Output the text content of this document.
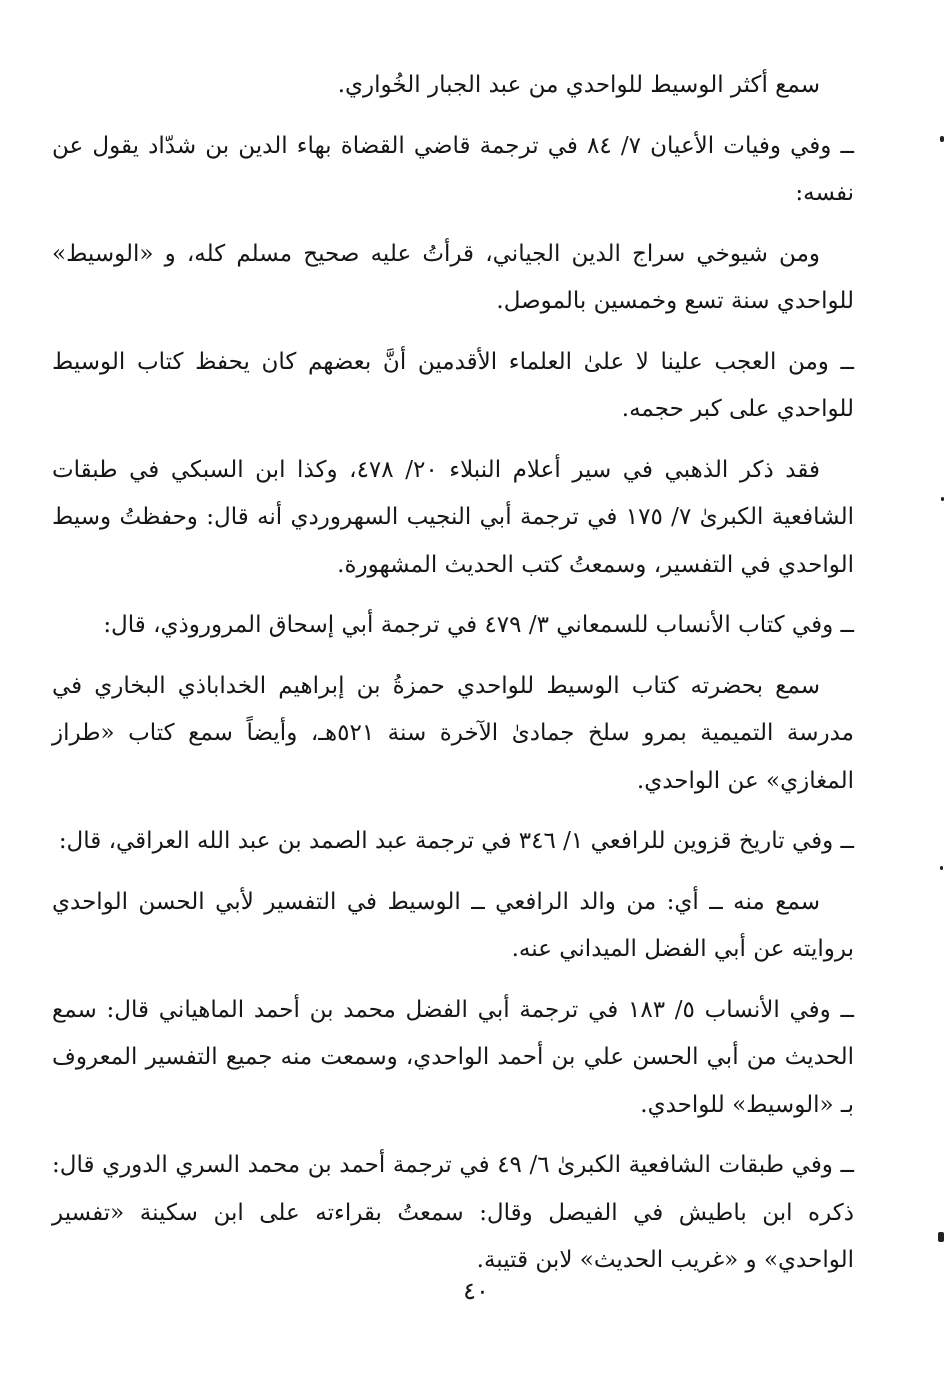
سمع أكثر الوسيط للواحدي من عبد الجبار الخُواري.

ــ وفي وفيات الأعيان ٧/ ٨٤ في ترجمة قاضي القضاة بهاء الدين بن شدّاد يقول عن نفسه:

ومن شيوخي سراج الدين الجياني، قرأتُ عليه صحيح مسلم كله، و «الوسيط» للواحدي سنة تسع وخمسين بالموصل.

ــ ومن العجب علينا لا علىٰ العلماء الأقدمين أنَّ بعضهم كان يحفظ كتاب الوسيط للواحدي على كبر حجمه.

فقد ذكر الذهبي في سير أعلام النبلاء ٢٠/ ٤٧٨، وكذا ابن السبكي في طبقات الشافعية الكبرىٰ ٧/ ١٧٥ في ترجمة أبي النجيب السهروردي أنه قال: وحفظتُ وسيط الواحدي في التفسير، وسمعتُ كتب الحديث المشهورة.

ــ وفي كتاب الأنساب للسمعاني ٣/ ٤٧٩ في ترجمة أبي إسحاق المروروذي، قال:

سمع بحضرته كتاب الوسيط للواحدي حمزةُ بن إبراهيم الخداباذي البخاري في مدرسة التميمية بمرو سلخ جمادىٰ الآخرة سنة ٥٢١هـ، وأيضاً سمع كتاب «طراز المغازي» عن الواحدي.

ــ وفي تاريخ قزوين للرافعي ١/ ٣٤٦ في ترجمة عبد الصمد بن عبد الله العراقي، قال:

سمع منه ــ أي: من والد الرافعي ــ الوسيط في التفسير لأبي الحسن الواحدي بروايته عن أبي الفضل الميداني عنه.

ــ وفي الأنساب ٥/ ١٨٣ في ترجمة أبي الفضل محمد بن أحمد الماهياني قال: سمع الحديث من أبي الحسن علي بن أحمد الواحدي، وسمعت منه جميع التفسير المعروف بـ «الوسيط» للواحدي.

ــ وفي طبقات الشافعية الكبرىٰ ٦/ ٤٩ في ترجمة أحمد بن محمد السري الدوري قال: ذكره ابن باطيش في الفيصل وقال: سمعتُ بقراءته على ابن سكينة «تفسير الواحدي» و «غريب الحديث» لابن قتيبة.

٤٠
